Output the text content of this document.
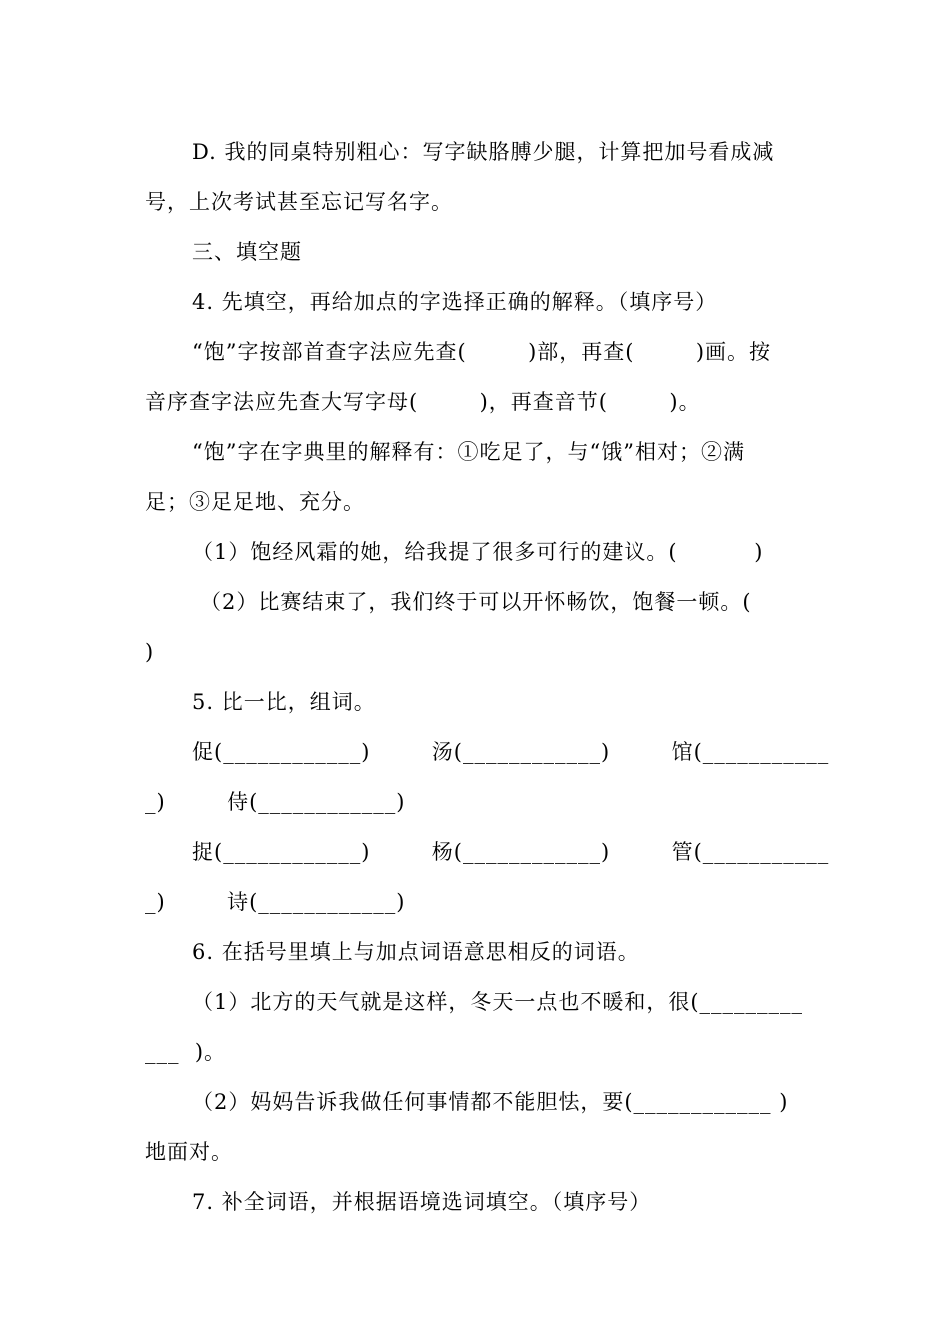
D. 我的同桌特别粗心：写字缺胳膊少腿，计算把加号看成减
号，上次考试甚至忘记写名字。
三、填空题
4. 先填空，再给加点的字选择正确的解释。（填序号）
“饱”字按部首查字法应先查(        )部，再查(        )画。按
音序查字法应先查大写字母(        )，再查音节(        )。
“饱”字在字典里的解释有：①吃足了，与“饿”相对；②满
足；③足足地、充分。
（1）饱经风霜的她，给我提了很多可行的建议。(          )
（2）比赛结束了，我们终于可以开怀畅饮，饱餐一顿。(
)
5. 比一比，组词。
促(____________)        汤(____________)        馆(___________
_)        侍(____________)
捉(____________)        杨(____________)        管(___________
_)        诗(____________)
6. 在括号里填上与加点词语意思相反的词语。
（1）北方的天气就是这样，冬天一点也不暖和，很(_________
___  )。
（2）妈妈告诉我做任何事情都不能胆怯，要(____________ )
地面对。
7. 补全词语，并根据语境选词填空。（填序号）
